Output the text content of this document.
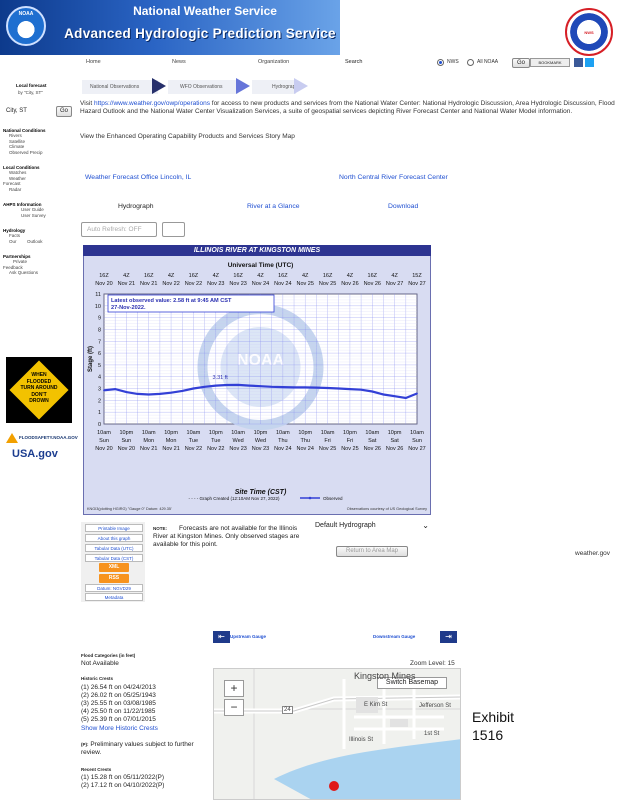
NOAA	National Weather Service
Advanced Hydrologic Prediction Service	NWS
Home	News	Organization	Search	NWS	All NOAA	Go	BOOKMARK
Local forecast
by "City, ST"
City, ST	Go
National Conditions
Rivers
Satellite
Climate
Observed Precip
Local Conditions
Watches
Weather
Forecast
Radar
AHPS Information
User Guide
User Survey
Hydrology
Facts
Our	Outlook
Partnerships
Private
Feedback
Ask Questions
WHEN
FLOODED
TURN AROUND
DON'T
DROWN
FLOODSAFETY.NOAA.GOV
USA.gov
National Observations	WFO Observations	Hydrograph
Visit https://www.weather.gov/owp/operations for access to new products and services from the National Water Center: National Hydrologic Discussion, Area Hydrologic Discussion, Flood Hazard Outlook and the National Water Center Visualization Services, a suite of geospatial services depicting River Forecast Center and National Water Model information.
View the Enhanced Operating Capability Products and Services Story Map
Weather Forecast Office Lincoln, IL	North Central River Forecast Center
Hydrograph	River at a Glance	Download
Auto Refresh: OFF
NOAA
0
1
2
3
4
5
6
7
8
9
10
11
Universal Time (UTC)
Site Time (CST)
Stage (ft)
16Z
Nov 20
4Z
Nov 21
16Z
Nov 21
4Z
Nov 22
16Z
Nov 22
4Z
Nov 23
16Z
Nov 23
4Z
Nov 24
16Z
Nov 24
4Z
Nov 25
16Z
Nov 25
4Z
Nov 26
16Z
Nov 26
4Z
Nov 27
15Z
Nov 27
10am
Sun
Nov 20
10pm
Sun
Nov 20
10am
Mon
Nov 21
10pm
Mon
Nov 21
10am
Tue
Nov 22
10pm
Tue
Nov 22
10am
Wed
Nov 23
10pm
Wed
Nov 23
10am
Thu
Nov 24
10pm
Thu
Nov 24
10am
Fri
Nov 25
10pm
Fri
Nov 25
10am
Sat
Nov 26
10pm
Sat
Nov 26
10am
Sun
Nov 27
3.31 ft
Latest observed value: 2.58 ft at 9:45 AM CST
27-Nov-2022.
- - - - Graph Created (12:10AM Nov 27, 2022)	Observed
ILLINOIS RIVER AT KINGSTON MINES
KNGI3(plotting HGIRG) "Gauge 0" Datum: 429.35'	Observations courtesy of US Geological Survey
Printable Image
About this graph
Tabular Data (UTC)
Tabular Data (CST)
XML
RSS
Datum: NGVD29
Metadata
Forecasts are not available for the Illinois River at Kingston Mines. Only observed stages are available for this point.
NOTE:	Default Hydrograph	⌄
Return to Area Map	weather.gov
⇤	Upstream Gauge	Downstream Gauge	⇥
Flood Categories (in feet)
Not Available
Historic Crests
(1) 26.54 ft on 04/24/2013
(2) 26.02 ft on 05/25/1943
(3) 25.55 ft on 03/08/1985
(4) 25.50 ft on 11/22/1985
(5) 25.39 ft on 07/01/2015
Show More Historic Crests
(P): Preliminary values subject to further review.
Recent Crests
(1) 15.28 ft on 05/11/2022(P)
(2) 17.12 ft on 04/10/2022(P)
Zoom Level: 15
+
−
Switch Basemap
Kingston Mines
E Kim St	Jefferson St
Illinois St
24
1st St
Exhibit
1516
